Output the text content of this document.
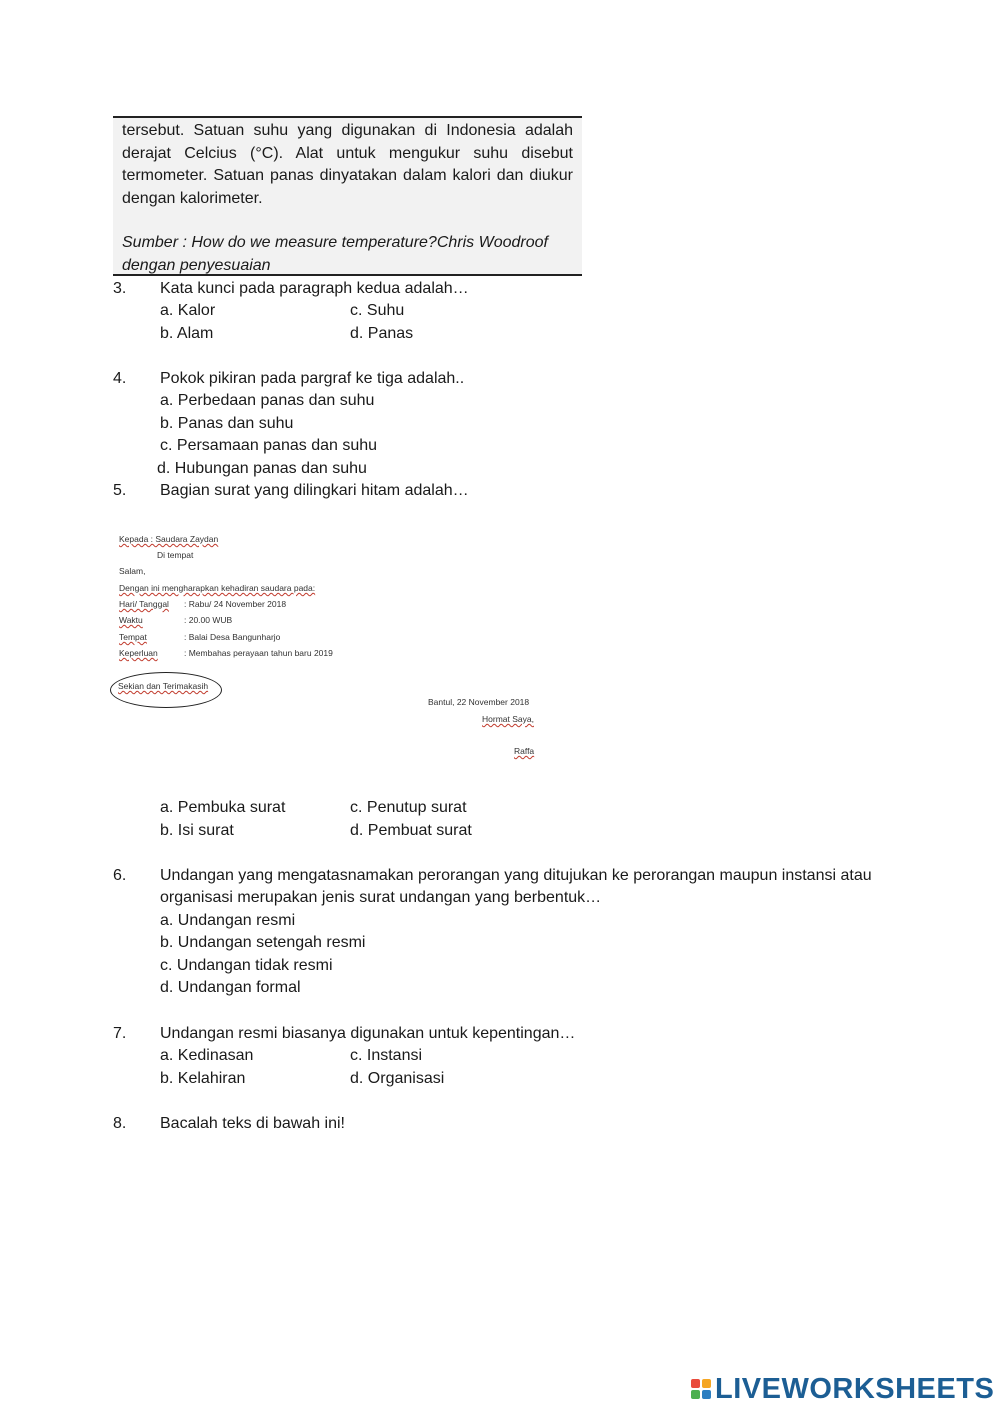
tersebut. Satuan suhu yang digunakan di Indonesia adalah derajat Celcius (°C). Alat untuk mengukur suhu disebut termometer. Satuan panas dinyatakan dalam kalori dan diukur dengan kalorimeter.

Sumber : How do we measure temperature?Chris Woodroof dengan penyesuaian

3. Kata kunci pada paragraph kedua adalah…
a. Kalor	c. Suhu
b. Alam	d. Panas
4. Pokok pikiran pada pargraf ke tiga adalah..
a. Perbedaan panas dan suhu
b. Panas dan suhu
c. Persamaan panas dan suhu
d. Hubungan panas dan suhu
5. Bagian surat yang dilingkari hitam adalah…
Kepada : Saudara Zaydan
Di tempat
Salam,
Dengan ini mengharapkan kehadiran saudara pada:
Hari/ Tanggal : Rabu/ 24 November 2018
Waktu	: 20.00 WUB
Tempat	: Balai Desa Bangunharjo
Keperluan	: Membahas perayaan tahun baru 2019
Sekian dan Terimakasih
Bantul, 22 November 2018
Hormat Saya,
Raffa
a. Pembuka surat	c. Penutup surat
b. Isi surat	d. Pembuat surat
6. Undangan yang mengatasnamakan perorangan yang ditujukan ke perorangan maupun instansi atau
organisasi merupakan jenis surat undangan yang berbentuk…
a. Undangan resmi
b. Undangan setengah resmi
c. Undangan tidak resmi
d. Undangan formal
7. Undangan resmi biasanya digunakan untuk kepentingan…
a. Kedinasan	c. Instansi
b. Kelahiran	d. Organisasi
8. Bacalah teks di bawah ini!
LIVEWORKSHEETS
